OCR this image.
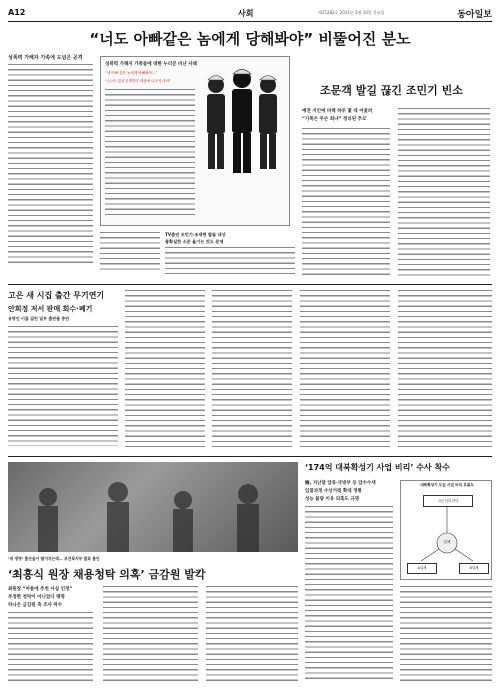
A12	사회	제25282호 2011년 3월 10일 목요일	동아일보
“너도 아빠같은 놈에게 당해봐야” 비뚤어진 분노
성폭력 가해자 가족에 도넘은 공격
성폭력 가해자 가족들에 대한 누리꾼 비난 사례
“네 아빠 같은 놈에게 당해봐야…”
“○○은 얼굴 공개하고 세상에 나오지 마라”
조문객 발길 끊긴 조민기 빈소
예전 지인에 비해 하루 몇 대 어울려
“가족은 무슨 죄냐” 정리된 추모
TV출연 조민기·조재현 딸들 대상
불확실한 소문 옮기는 것도 문제
고은 새 시집 출간 무기연기
안희정 저서 판매 회수·폐기
유명인 이름 걸린 일부 출판물 중단
‘새 생명’ 출산율이 떨어지는데… 보건복지부 발표 불안
‘174억 대북확성기 사업 비리’ 수사 착수
檢, 지난달 압류·국방부 등 압수수색
입찰과정 수상거래 확대 정황
성능 불량 이유 의혹도 규명
대북확성기 도입 사업 비리 흐름도
국군심리전단
업체
A업체	B업체
‘최흥식 원장 채용청탁 의혹’ 금감원 발칵
최원장 “아름에 추천 사실 인정”
부정한 청탁이 아니었다 해명
하나은 금감원 측 조사 착수
